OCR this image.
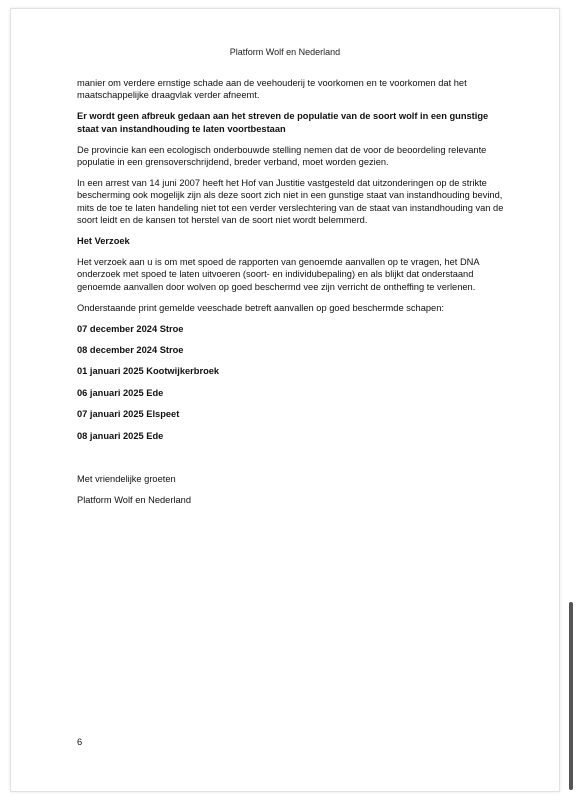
Platform Wolf en Nederland

manier om verdere ernstige schade aan de veehouderij te voorkomen en te voorkomen dat het maatschappelijke draagvlak verder afneemt.

Er wordt geen afbreuk gedaan aan het streven de populatie van de soort wolf in een gunstige staat van instandhouding te laten voortbestaan

De provincie kan een ecologisch onderbouwde stelling nemen dat de voor de beoordeling relevante populatie in een grensoverschrijdend, breder verband, moet worden gezien.

In een arrest van 14 juni 2007 heeft het Hof van Justitie vastgesteld dat uitzonderingen op de strikte bescherming ook mogelijk zijn als deze soort zich niet in een gunstige staat van instandhouding bevind, mits de toe te laten handeling niet tot een verder verslechtering van de staat van instandhouding van de soort leidt en de kansen tot herstel van de soort niet wordt belemmerd.

Het Verzoek

Het verzoek aan u is om met spoed de rapporten van genoemde aanvallen op te vragen, het DNA onderzoek met spoed te laten uitvoeren (soort- en individubepaling) en als blijkt dat onderstaand genoemde aanvallen door wolven op goed beschermd vee zijn verricht de ontheffing te verlenen.

Onderstaande print gemelde veeschade betreft aanvallen op goed beschermde schapen:

07 december 2024 Stroe

08 december 2024 Stroe

01 januari 2025 Kootwijkerbroek

06 januari 2025 Ede

07 januari 2025 Elspeet

08 januari 2025 Ede

Met vriendelijke groeten

Platform Wolf en Nederland

6
